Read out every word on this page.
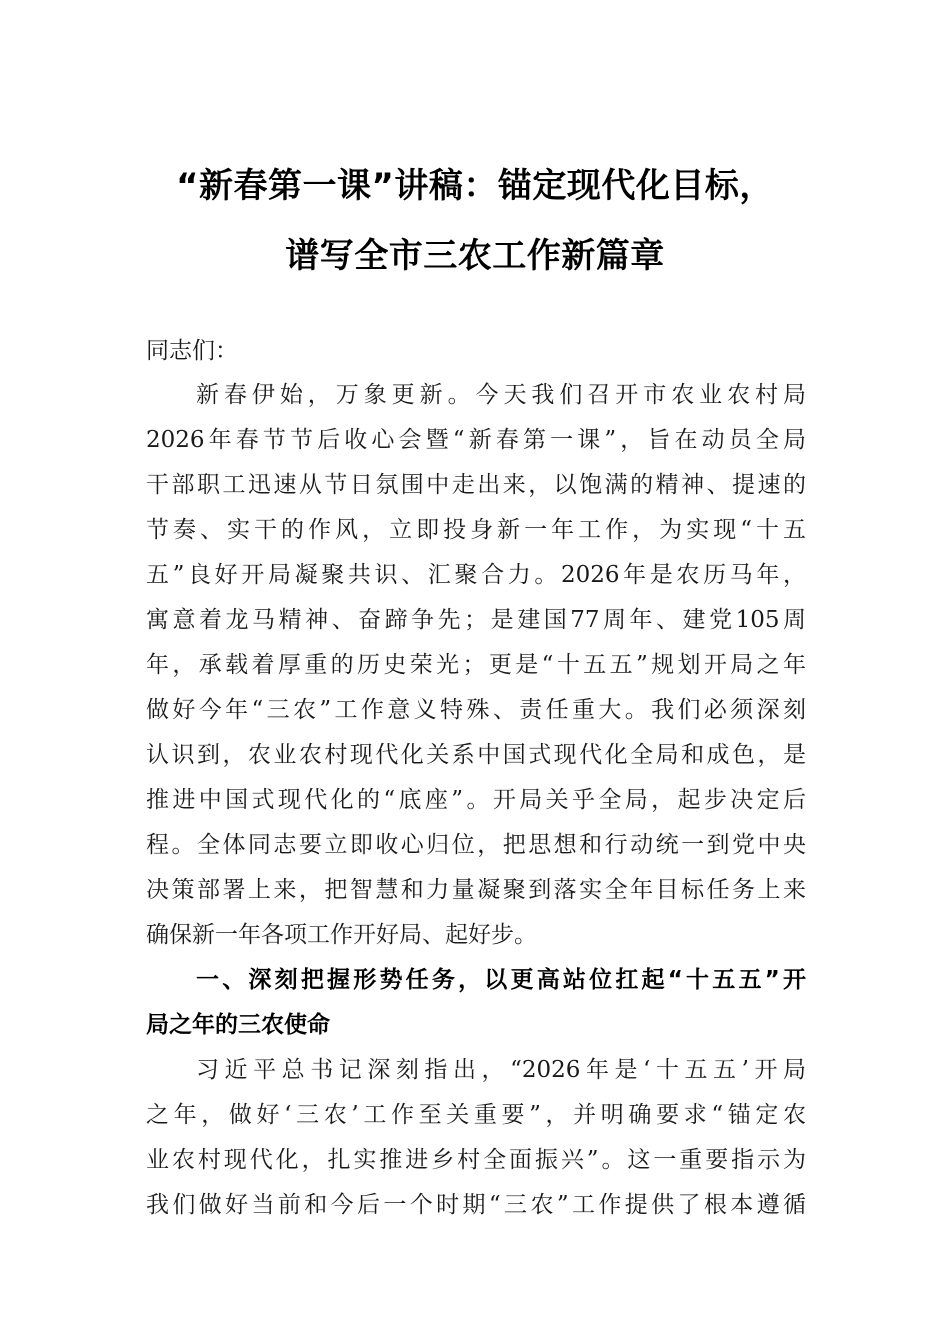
“新春第一课”讲稿：锚定现代化目标，
谱写全市三农工作新篇章
同志们：
新春伊始，万象更新。今天我们召开市农业农村局
2026年春节节后收心会暨“新春第一课”，旨在动员全局
干部职工迅速从节日氛围中走出来，以饱满的精神、提速的
节奏、实干的作风，立即投身新一年工作，为实现“十五
五”良好开局凝聚共识、汇聚合力。2026年是农历马年，
寓意着龙马精神、奋蹄争先；是建国77周年、建党105周
年，承载着厚重的历史荣光；更是“十五五”规划开局之年
做好今年“三农”工作意义特殊、责任重大。我们必须深刻
认识到，农业农村现代化关系中国式现代化全局和成色，是
推进中国式现代化的“底座”。开局关乎全局，起步决定后
程。全体同志要立即收心归位，把思想和行动统一到党中央
决策部署上来，把智慧和力量凝聚到落实全年目标任务上来
确保新一年各项工作开好局、起好步。
一、深刻把握形势任务，以更高站位扛起“十五五”开
局之年的三农使命
习近平总书记深刻指出，“2026年是‘十五五’开局
之年，做好‘三农’工作至关重要”，并明确要求“锚定农
业农村现代化，扎实推进乡村全面振兴”。这一重要指示为
我们做好当前和今后一个时期“三农”工作提供了根本遵循
